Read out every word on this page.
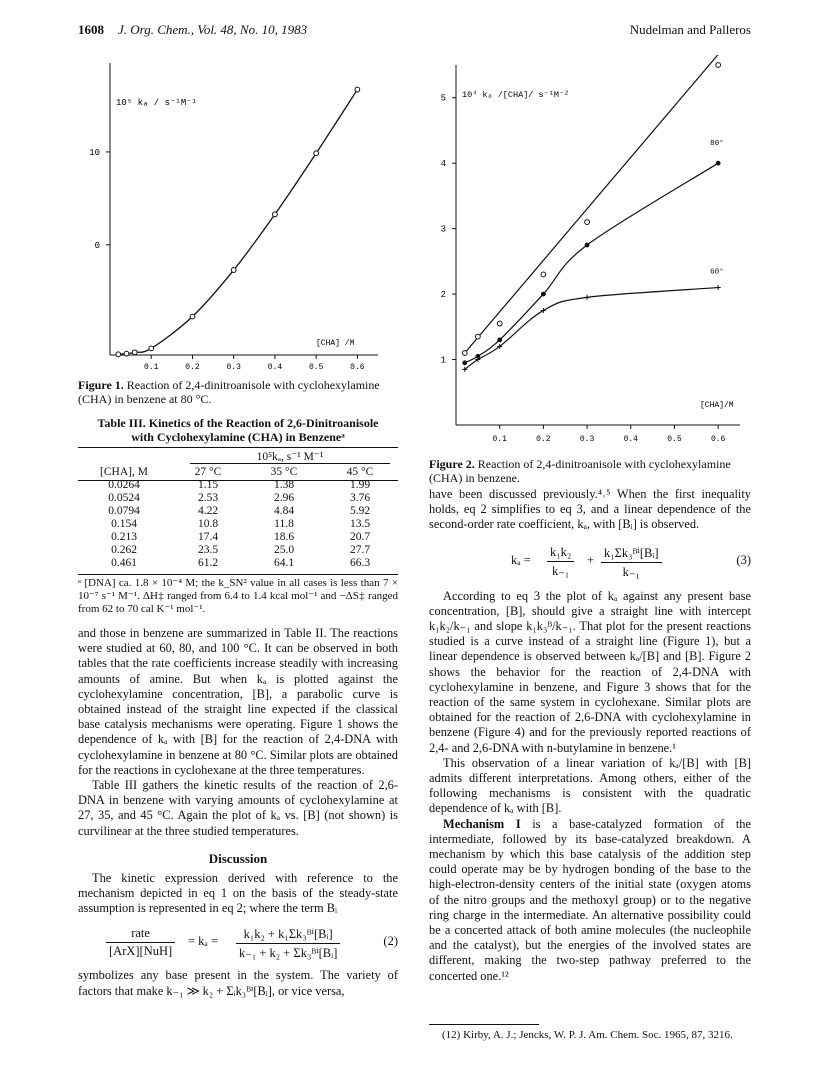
1608 J. Org. Chem., Vol. 48, No. 10, 1983	Nudelman and Palleros
10
0
0.1	0.2	0.3	0.4	0.5	0.6
10⁵ kₐ / s⁻¹M⁻¹
[CHA] /M
Figure 1. Reaction of 2,4-dinitroanisole with cyclohexylamine (CHA) in benzene at 80 °C.
Table III. Kinetics of the Reaction of 2,6-Dinitroanisole
with Cyclohexylamine (CHA) in Benzeneᵃ
10⁵kₐ, s⁻¹ M⁻¹
[CHA], M	27 °C	35 °C	45 °C
0.0264	1.15	1.38	1.99
0.0524	2.53	2.96	3.76
0.0794	4.22	4.84	5.92
0.154	10.8	11.8	13.5
0.213	17.4	18.6	20.7
0.262	23.5	25.0	27.7
0.461	61.2	64.1	66.3
ᵃ [DNA] ca. 1.8 × 10⁻⁴ M; the k_SN² value in all cases is less than 7 × 10⁻⁷ s⁻¹ M⁻¹. ΔH‡ ranged from 6.4 to 1.4 kcal mol⁻¹ and −ΔS‡ ranged from 62 to 70 cal K⁻¹ mol⁻¹.

and those in benzene are summarized in Table II. The reactions were studied at 60, 80, and 100 °C. It can be observed in both tables that the rate coefficients increase steadily with increasing amounts of amine. But when kₐ is plotted against the cyclohexylamine concentration, [B], a parabolic curve is obtained instead of the straight line expected if the classical base catalysis mechanisms were operating. Figure 1 shows the dependence of kₐ with [B] for the reaction of 2,4-DNA with cyclohexylamine in benzene at 80 °C. Similar plots are obtained for the reactions in cyclohexane at the three temperatures.

Table III gathers the kinetic results of the reaction of 2,6-DNA in benzene with varying amounts of cyclohexylamine at 27, 35, and 45 °C. Again the plot of kₐ vs. [B] (not shown) is curvilinear at the three studied temperatures.

Discussion

The kinetic expression derived with reference to the mechanism depicted in eq 1 on the basis of the steady-state assumption is represented in eq 2; where the term Bᵢ

rate
[ArX][NuH]
= $k_a = \frac{\text{k₁k₂ + k₁Σk₃ᴮⁱ[Bᵢ]}}{\text{k₋₁ + k₂ + Σk₃ᴮⁱ[Bᵢ]}}$	(2)

symbolizes any base present in the system. The variety of factors that make k₋₁ ≫ k₂ + Σᵢk₃ᴮⁱ[Bᵢ], or vice versa,

5
4
3
2
1
0.1	0.2	0.3	0.4	0.5	0.6
10⁴ kₐ /[CHA]/ s⁻¹M⁻²
[CHA]/M
80°
60°
Figure 2. Reaction of 2,4-dinitroanisole with cyclohexylamine (CHA) in benzene.

have been discussed previously.⁴˒⁵ When the first inequality holds, eq 2 simplifies to eq 3, and a linear dependence of the second-order rate coefficient, kₐ, with [Bᵢ] is observed.

$k_a = \frac{\text{k₁k₂}}{\text{k₋₁}} + \frac{\text{k₁Σk₃ᴮⁱ[Bᵢ]}}{\text{k₋₁}}$	(3)

According to eq 3 the plot of kₐ against any present base concentration, [B], should give a straight line with intercept k₁k₂/k₋₁ and slope k₁k₃ᴮ/k₋₁. That plot for the present reactions studied is a curve instead of a straight line (Figure 1), but a linear dependence is observed between kₐ/[B] and [B]. Figure 2 shows the behavior for the reaction of 2,4-DNA with cyclohexylamine in benzene, and Figure 3 shows that for the reaction of the same system in cyclohexane. Similar plots are obtained for the reaction of 2,6-DNA with cyclohexylamine in benzene (Figure 4) and for the previously reported reactions of 2,4- and 2,6-DNA with n-butylamine in benzene.¹

This observation of a linear variation of kₐ/[B] with [B] admits different interpretations. Among others, either of the following mechanisms is consistent with the quadratic dependence of kₐ with [B].

Mechanism I is a base-catalyzed formation of the intermediate, followed by its base-catalyzed breakdown. A mechanism by which this base catalysis of the addition step could operate may be by hydrogen bonding of the base to the high-electron-density centers of the initial state (oxygen atoms of the nitro groups and the methoxyl group) or to the negative ring charge in the intermediate. An alternative possibility could be a concerted attack of both amine molecules (the nucleophile and the catalyst), but the energies of the involved states are different, making the two-step pathway preferred to the concerted one.¹²

(12) Kirby, A. J.; Jencks, W. P. J. Am. Chem. Soc. 1965, 87, 3216.
